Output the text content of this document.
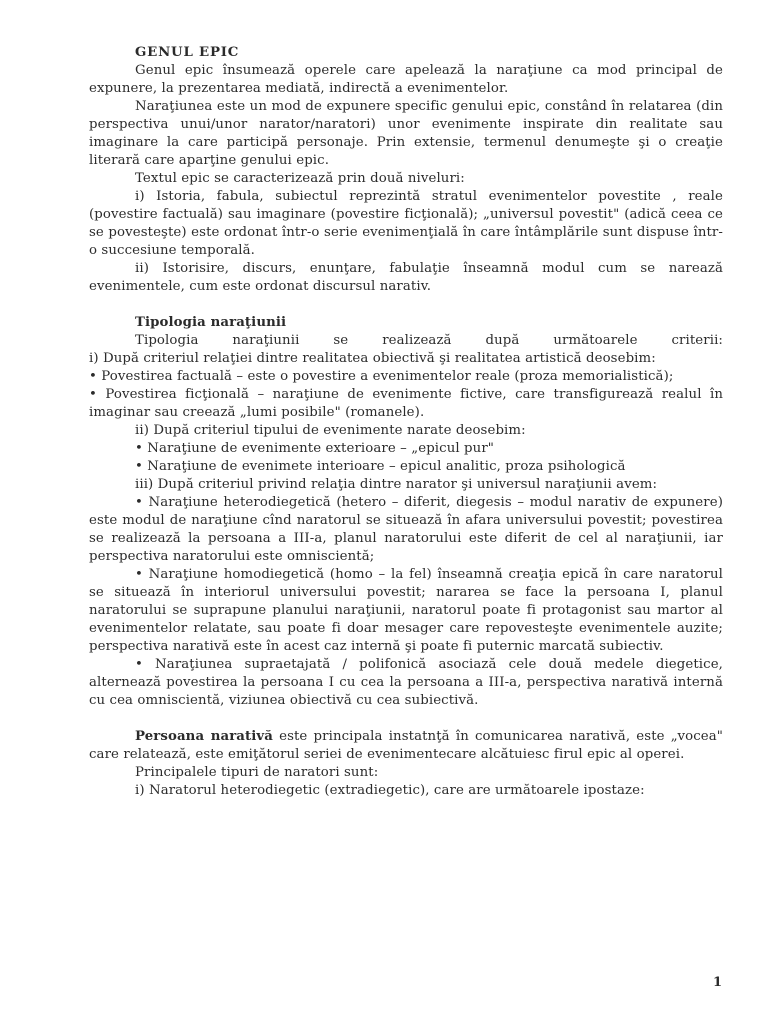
GENUL EPIC

Genul epic însumează operele care apelează la naraţiune ca mod principal de expunere, la prezentarea mediată, indirectă a evenimentelor.

Naraţiunea este un mod de expunere specific genului epic, constând în relatarea (din perspectiva unui/unor narator/naratori) unor evenimente inspirate din realitate sau imaginare la care participă personaje. Prin extensie, termenul denumeşte şi o creaţie literară care aparţine genului epic.

Textul epic se caracterizează prin două niveluri:

i) Istoria, fabula, subiectul reprezintă stratul evenimentelor povestite , reale (povestire factuală) sau imaginare (povestire ficţională); „universul povestit" (adică ceea ce se povesteşte) este ordonat într-o serie evenimenţială în care întâmplările sunt dispuse într-o succesiune temporală.

ii) Istorisire, discurs, enunţare, fabulaţie înseamnă modul cum se narează evenimentele, cum este ordonat discursul narativ.

Tipologia naraţiunii

Tipologia naraţiunii se realizează după următoarele criterii:

i) După criteriul relaţiei dintre realitatea obiectivă şi realitatea artistică deosebim:

• Povestirea factuală – este o povestire a evenimentelor reale (proza memorialistică);

• Povestirea ficţională – naraţiune de evenimente fictive, care transfigurează realul în imaginar sau creează „lumi posibile" (romanele).

ii) După criteriul tipului de evenimente narate deosebim:

• Naraţiune de evenimente exterioare – „epicul pur"

• Naraţiune de evenimete interioare – epicul analitic, proza psihologică

iii) După criteriul privind relaţia dintre narator şi universul naraţiunii avem:

• Naraţiune heterodiegetică (hetero – diferit, diegesis – modul narativ de expunere) este modul de naraţiune cînd naratorul se situează în afara universului povestit; povestirea se realizează la persoana a III-a, planul naratorului este diferit de cel al naraţiunii, iar perspectiva naratorului este omniscientă;

• Naraţiune homodiegetică (homo – la fel) înseamnă creaţia epică în care naratorul se situează în interiorul universului povestit; nararea se face la persoana I, planul naratorului se suprapune planului naraţiunii, naratorul poate fi protagonist sau martor al evenimentelor relatate, sau poate fi doar mesager care repovesteşte evenimentele auzite; perspectiva narativă este în acest caz internă şi poate fi puternic marcată subiectiv.

• Naraţiunea supraetajată / polifonică asociază cele două medele diegetice, alternează povestirea la persoana I cu cea la persoana a III-a, perspectiva narativă internă cu cea omniscientă, viziunea obiectivă cu cea subiectivă.

Persoana narativă este principala instatnţă în comunicarea narativă, este „vocea" care relatează, este emiţătorul seriei de evenimentecare alcătuiesc firul epic al operei.

Principalele tipuri de naratori sunt:

i) Naratorul heterodiegetic (extradiegetic), care are următoarele ipostaze:

1
